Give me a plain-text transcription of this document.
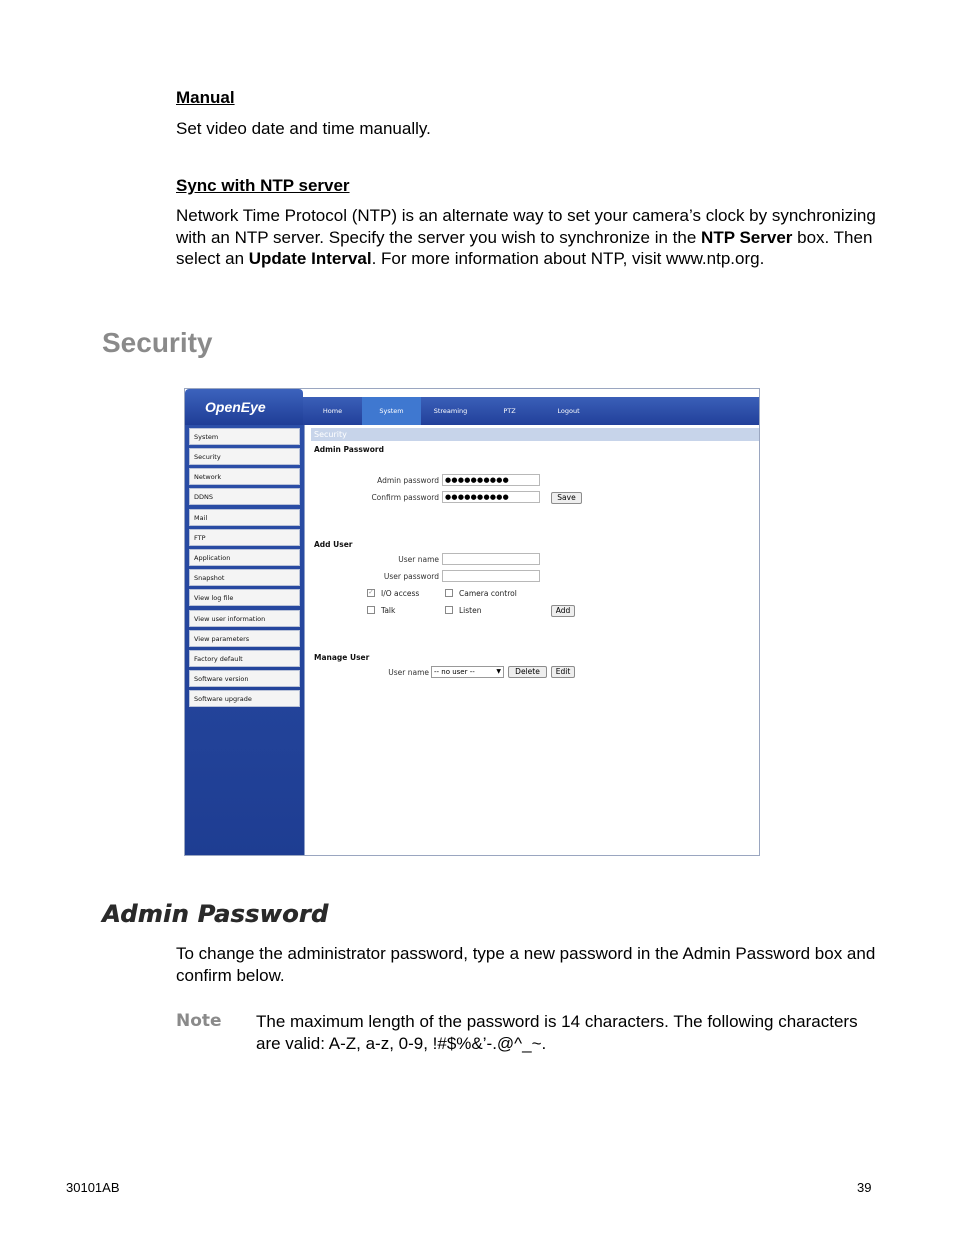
Manual
Set video date and time manually.
Sync with NTP server
Network Time Protocol (NTP) is an alternate way to set your camera’s clock by synchronizing with an NTP server. Specify the server you wish to synchronize in the NTP Server box. Then select an Update Interval. For more information about NTP, visit www.ntp.org.
Security
OpenEye	Home	System	Streaming	PTZ	Logout
System
Security
Network
DDNS
Mail
FTP
Application
Snapshot
View log file
View user information
View parameters
Factory default
Software version
Software upgrade
Security
Admin Password
Admin password ●●●●●●●●●●
Confirm password ●●●●●●●●●●	Save
Add User
User name
User password
✓ I/O access	Camera control
Talk	Listen	Add
Manage User
User name -- no user --	▼	Delete	Edit
Admin Password
To change the administrator password, type a new password in the Admin Password box and confirm below.
Note The maximum length of the password is 14 characters. The following characters are valid: A-Z, a-z, 0-9, !#$%&’-.@^_~.
30101AB	39
